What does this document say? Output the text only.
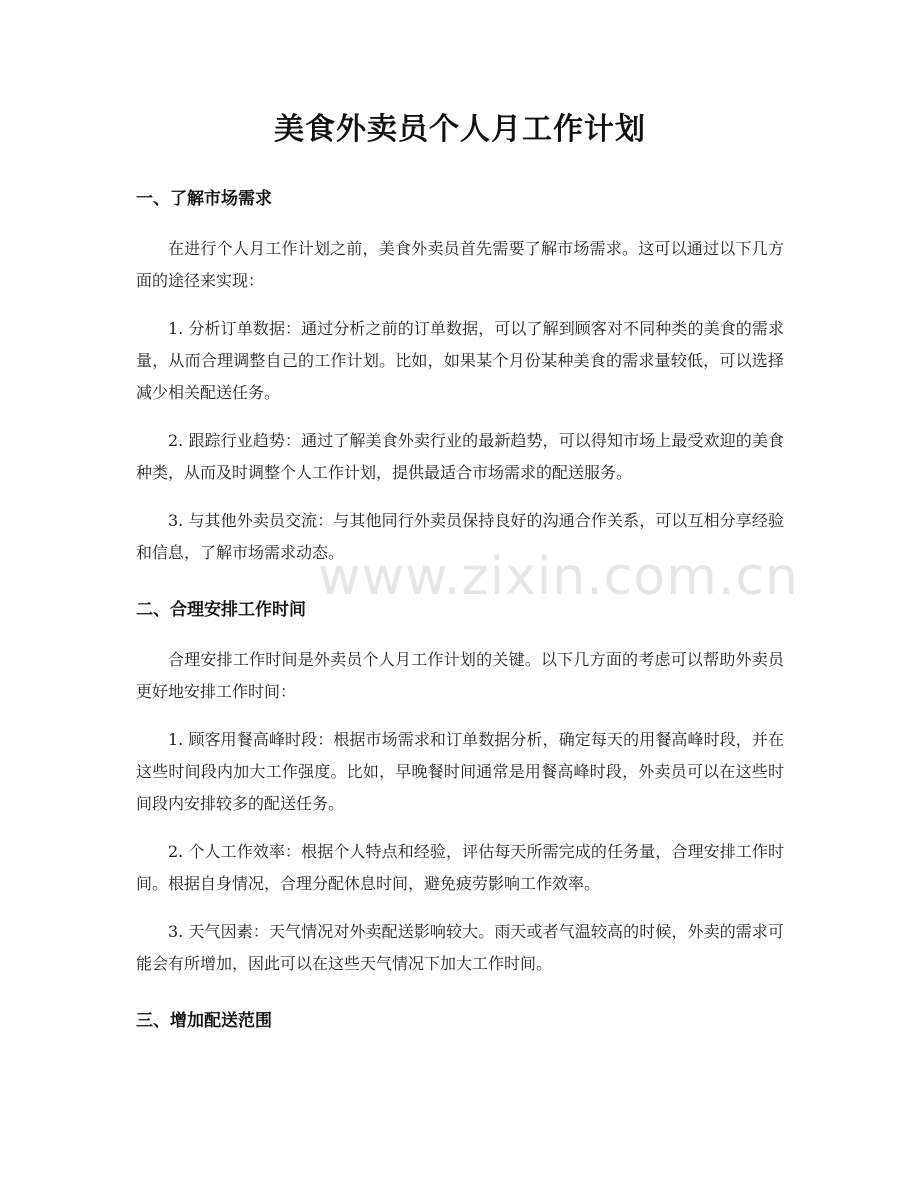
美食外卖员个人月工作计划
一、了解市场需求

在进行个人月工作计划之前，美食外卖员首先需要了解市场需求。这可以通过以下几方面的途径来实现：

1. 分析订单数据：通过分析之前的订单数据，可以了解到顾客对不同种类的美食的需求量，从而合理调整自己的工作计划。比如，如果某个月份某种美食的需求量较低，可以选择减少相关配送任务。

2. 跟踪行业趋势：通过了解美食外卖行业的最新趋势，可以得知市场上最受欢迎的美食种类，从而及时调整个人工作计划，提供最适合市场需求的配送服务。

3. 与其他外卖员交流：与其他同行外卖员保持良好的沟通合作关系，可以互相分享经验和信息，了解市场需求动态。

二、合理安排工作时间

合理安排工作时间是外卖员个人月工作计划的关键。以下几方面的考虑可以帮助外卖员更好地安排工作时间：

1. 顾客用餐高峰时段：根据市场需求和订单数据分析，确定每天的用餐高峰时段，并在这些时间段内加大工作强度。比如，早晚餐时间通常是用餐高峰时段，外卖员可以在这些时间段内安排较多的配送任务。

2. 个人工作效率：根据个人特点和经验，评估每天所需完成的任务量，合理安排工作时间。根据自身情况，合理分配休息时间，避免疲劳影响工作效率。

3. 天气因素：天气情况对外卖配送影响较大。雨天或者气温较高的时候，外卖的需求可能会有所增加，因此可以在这些天气情况下加大工作时间。

三、增加配送范围
www.zixin.com.cn
